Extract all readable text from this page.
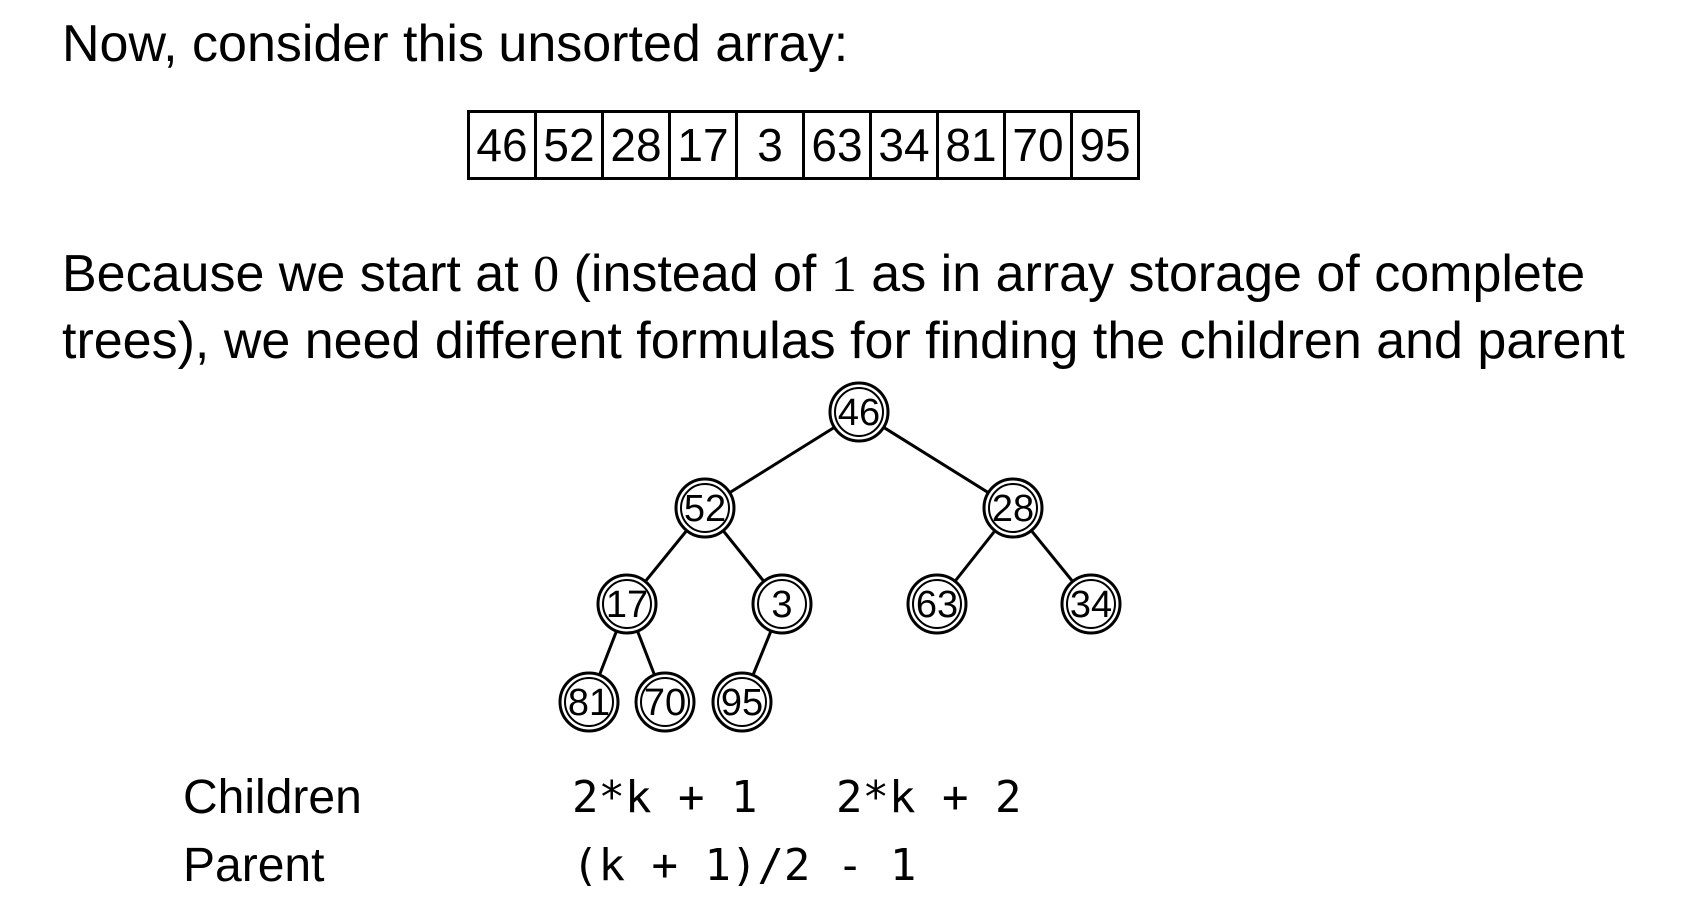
Now, consider this unsorted array:
46 52 28 17 3 63 34 81 70 95
Because we start at 0 (instead of 1 as in array storage of complete
trees), we need different formulas for finding the children and parent
46
52	28
17	3	63	34
81 70 95
Children	2*k + 1 2*k + 2
Parent	(k + 1)/2 - 1
